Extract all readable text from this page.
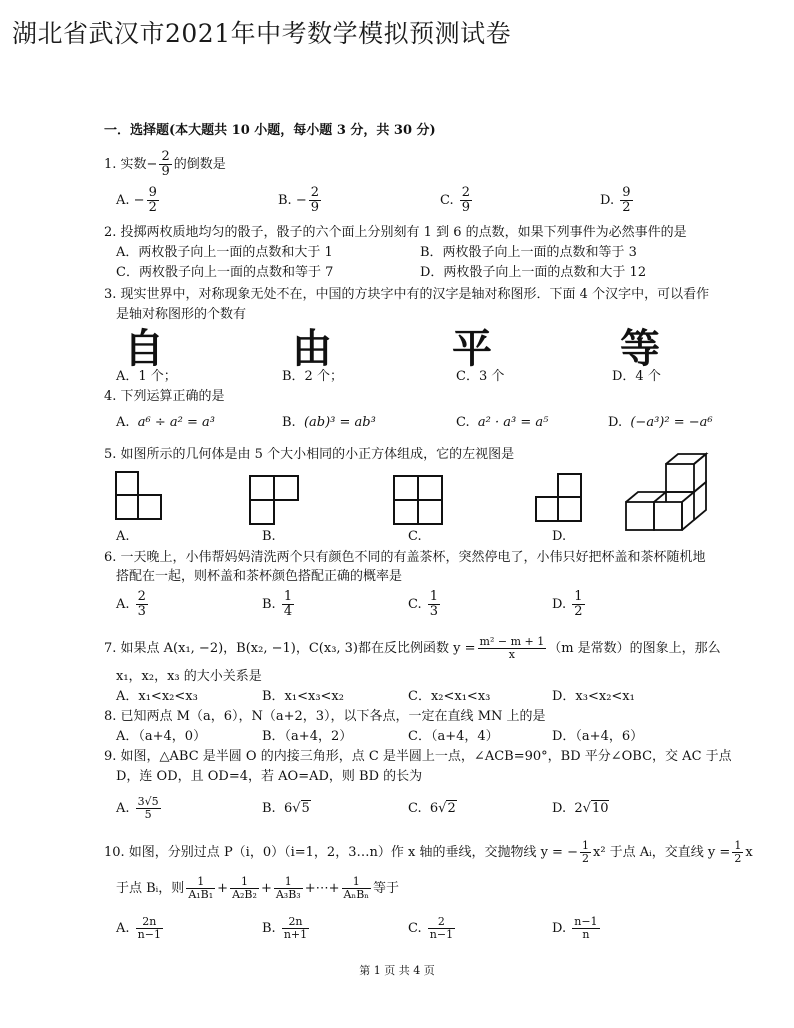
湖北省武汉市2021年中考数学模拟预测试卷
一．选择题(本大题共 10 小题，每小题 3 分，共 30 分)
1. 实数− $\frac{2}{9}$ 的倒数是
A. − $\frac{9}{2}$	B. − $\frac{2}{9}$	C. $\frac{2}{9}$	D. $\frac{9}{2}$
2. 投掷两枚质地均匀的骰子，骰子的六个面上分别刻有 1 到 6 的点数，如果下列事件为必然事件的是
A．两枚骰子向上一面的点数和大于 1	B．两枚骰子向上一面的点数和等于 3
C．两枚骰子向上一面的点数和等于 7	D．两枚骰子向上一面的点数和大于 12
3. 现实世界中，对称现象无处不在，中国的方块字中有的汉字是轴对称图形．下面 4 个汉字中，可以看作
是轴对称图形的个数有
自	由	平	等
A．1 个；	B．2 个；	C．3 个	D．4 个
4. 下列运算正确的是
A. a⁶ ÷ a² = a³	B. (ab)³ = ab³	C. a² · a³ = a⁵	D. (−a³)² = −a⁶
5. 如图所示的几何体是由 5 个大小相同的小正方体组成，它的左视图是
A.	B.	C.	D.
6. 一天晚上，小伟帮妈妈清洗两个只有颜色不同的有盖茶杯，突然停电了，小伟只好把杯盖和茶杯随机地
搭配在一起，则杯盖和茶杯颜色搭配正确的概率是
A. $\frac{2}{3}$	B. $\frac{1}{4}$	C. $\frac{1}{3}$	D. $\frac{1}{2}$
7. 如果点 A(x₁, −2)，B(x₂, −1)，C(x₃, 3)都在反比例函数 $y = \frac{\text{m² − m + 1}}{x} (m$ 是常数）的图象上，那么
x₁，x₂，x₃ 的大小关系是
A．x₁<x₂<x₃	B．x₁<x₃<x₂	C．x₂<x₁<x₃	D．x₃<x₂<x₁
8. 已知两点 M（a，6），N（a+2，3），以下各点，一定在直线 MN 上的是
A．（a+4，0）	B．（a+4，2）	C．（a+4，4）	D．（a+4，6）
9. 如图，△ABC 是半圆 O 的内接三角形，点 C 是半圆上一点，∠ACB=90°，BD 平分∠OBC，交 AC 于点
D，连 OD，且 OD=4，若 AO=AD，则 BD 的长为
A. $\frac{3√5}{5}$	B. 6√5	C. 6√2	D. 2√10
10. 如图，分别过点 P（i，0）（i=1，2，3…n）作 x 轴的垂线，交抛物线 y = − $\frac{1}{2} x^2$ 于点 Aᵢ，交直线 $y = \frac{1}{2}$ x
于点 Bᵢ，则 $\frac{1}{\text{A₁B₁}} + \frac{1}{\text{A₂B₂}} + \frac{1}{\text{A₃B₃}}$ +⋯+ $\frac{1}{\text{AₙBₙ}}$ 等于
A. $\frac{2n}{n-1}$	B. $\frac{2n}{n+1}$	C. $\frac{2}{n-1}$	D. $\frac{n-1}{n}$
第 1 页 共 4 页
